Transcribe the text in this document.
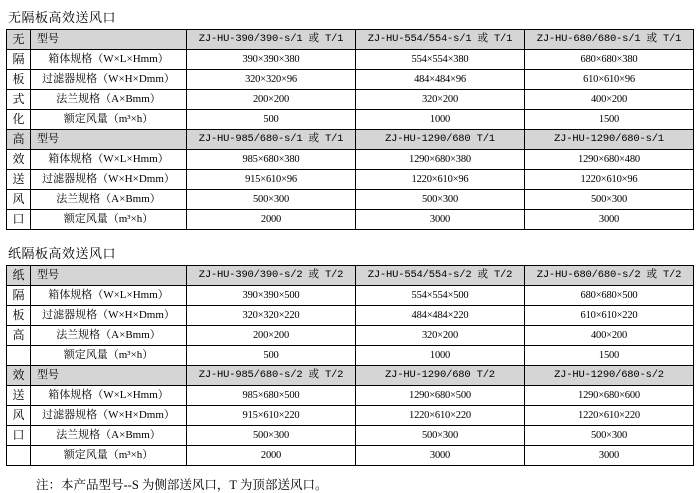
无隔板高效送风口
无	型号	ZJ-HU-390/390-s/1 或 T/1	ZJ-HU-554/554-s/1 或 T/1	ZJ-HU-680/680-s/1 或 T/1
隔	箱体规格（W×L×Hmm）	390×390×380	554×554×380	680×680×380
板	过滤器规格（W×H×Dmm）	320×320×96	484×484×96	610×610×96
式	法兰规格（A×Bmm）	200×200	320×200	400×200
化	额定风量（m³×h）	500	1000	1500
高	型号	ZJ-HU-985/680-s/1 或 T/1	ZJ-HU-1290/680 T/1	ZJ-HU-1290/680-s/1
效	箱体规格（W×L×Hmm）	985×680×380	1290×680×380	1290×680×480
送	过滤器规格（W×H×Dmm）	915×610×96	1220×610×96	1220×610×96
风	法兰规格（A×Bmm）	500×300	500×300	500×300
口	额定风量（m³×h）	2000	3000	3000
纸隔板高效送风口
纸	型号	ZJ-HU-390/390-s/2 或 T/2	ZJ-HU-554/554-s/2 或 T/2	ZJ-HU-680/680-s/2 或 T/2
隔	箱体规格（W×L×Hmm）	390×390×500	554×554×500	680×680×500
板	过滤器规格（W×H×Dmm）	320×320×220	484×484×220	610×610×220
高	法兰规格（A×Bmm）	200×200	320×200	400×200
	额定风量（m³×h）	500	1000	1500
效	型号	ZJ-HU-985/680-s/2 或 T/2	ZJ-HU-1290/680 T/2	ZJ-HU-1290/680-s/2
送	箱体规格（W×L×Hmm）	985×680×500	1290×680×500	1290×680×600
风	过滤器规格（W×H×Dmm）	915×610×220	1220×610×220	1220×610×220
口	法兰规格（A×Bmm）	500×300	500×300	500×300
	额定风量（m³×h）	2000	3000	3000
注：本产品型号--S 为侧部送风口，T 为顶部送风口。
